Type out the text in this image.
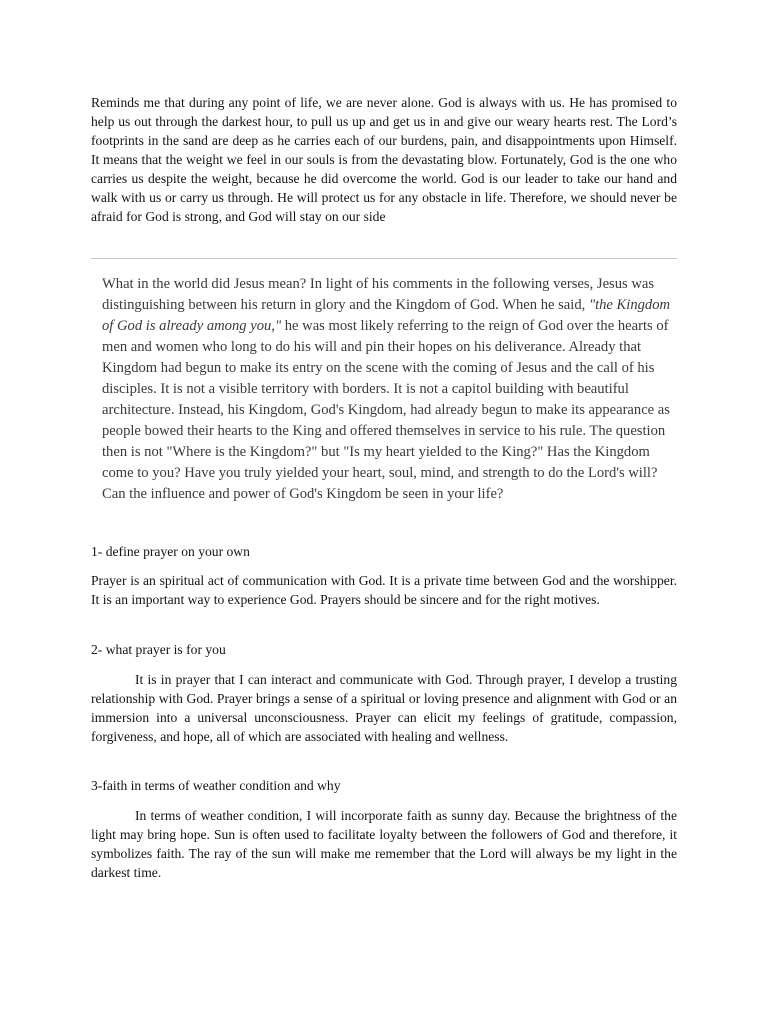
Reminds me that during any point of life, we are never alone. God is always with us. He has promised to help us out through the darkest hour, to pull us up and get us in and give our weary hearts rest. The Lord’s footprints in the sand are deep as he carries each of our burdens, pain, and disappointments upon Himself. It means that the weight we feel in our souls is from the devastating blow. Fortunately, God is the one who carries us despite the weight, because he did overcome the world. God is our leader to take our hand and walk with us or carry us through. He will protect us for any obstacle in life. Therefore, we should never be afraid for God is strong, and God will stay on our side

What in the world did Jesus mean? In light of his comments in the following verses, Jesus was distinguishing between his return in glory and the Kingdom of God. When he said, "the Kingdom of God is already among you," he was most likely referring to the reign of God over the hearts of men and women who long to do his will and pin their hopes on his deliverance. Already that Kingdom had begun to make its entry on the scene with the coming of Jesus and the call of his disciples. It is not a visible territory with borders. It is not a capitol building with beautiful architecture. Instead, his Kingdom, God's Kingdom, had already begun to make its appearance as people bowed their hearts to the King and offered themselves in service to his rule. The question then is not "Where is the Kingdom?" but "Is my heart yielded to the King?" Has the Kingdom come to you? Have you truly yielded your heart, soul, mind, and strength to do the Lord's will? Can the influence and power of God's Kingdom be seen in your life?

1- define prayer on your own

Prayer is an spiritual act of communication with God. It is a private time between God and the worshipper. It is an important way to experience God. Prayers should be sincere and for the right motives.

2- what prayer is for you

It is in prayer that I can interact and communicate with God. Through prayer, I develop a trusting relationship with God. Prayer brings a sense of a spiritual or loving presence and alignment with God or an immersion into a universal unconsciousness. Prayer can elicit my feelings of gratitude, compassion, forgiveness, and hope, all of which are associated with healing and wellness.

3-faith in terms of weather condition and why

In terms of weather condition, I will incorporate faith as sunny day. Because the brightness of the light may bring hope. Sun is often used to facilitate loyalty between the followers of God and therefore, it symbolizes faith. The ray of the sun will make me remember that the Lord will always be my light in the darkest time.
